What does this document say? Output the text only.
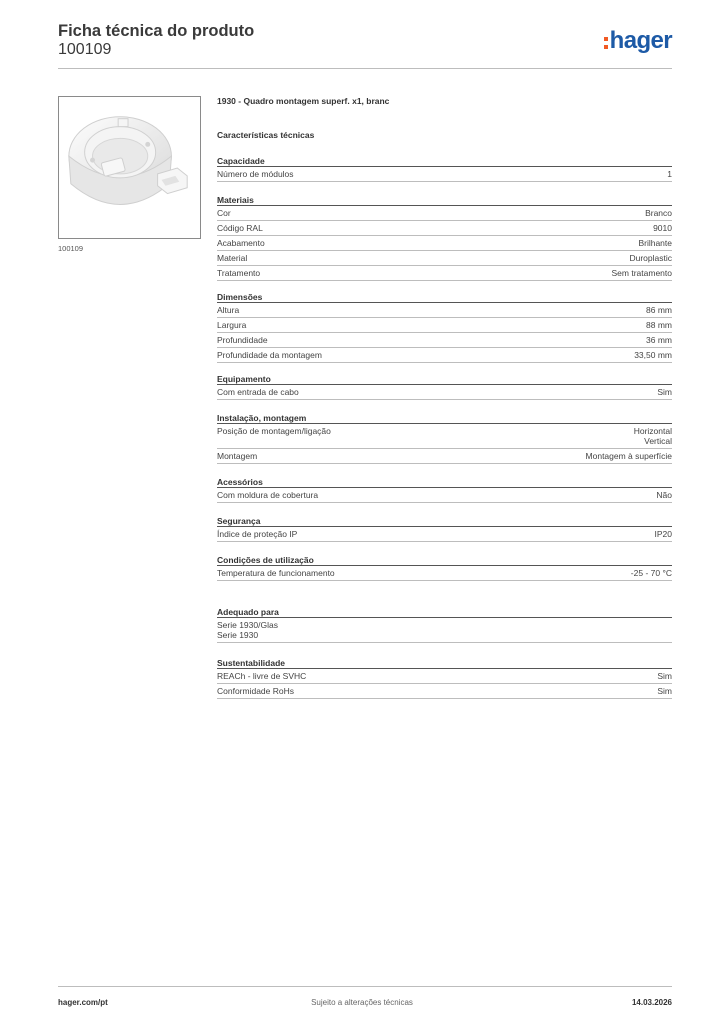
Ficha técnica do produto
100109	hager
100109
1930 - Quadro montagem superf. x1, branc
Características técnicas
Capacidade
Número de módulos	1
Materiais
Cor	Branco
Código RAL	9010
Acabamento	Brilhante
Material	Duroplastic
Tratamento	Sem tratamento
Dimensões
Altura	86 mm
Largura	88 mm
Profundidade	36 mm
Profundidade da montagem	33,50 mm
Equipamento
Com entrada de cabo	Sim
Instalação, montagem
Posição de montagem/ligação	Horizontal
Vertical
Montagem	Montagem à superfície
Acessórios
Com moldura de cobertura	Não
Segurança
Índice de proteção IP	IP20
Condições de utilização
Temperatura de funcionamento	-25 - 70 °C
Adequado para
Serie 1930/Glas
Serie 1930
Sustentabilidade
REACh - livre de SVHC	Sim
Conformidade RoHs	Sim
hager.com/pt	Sujeito a alterações técnicas	14.03.2026
